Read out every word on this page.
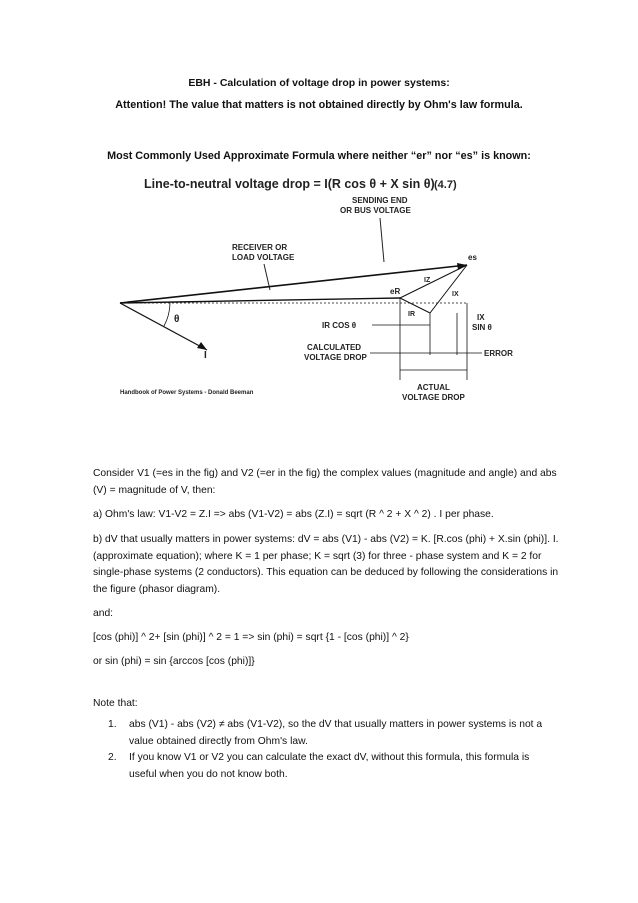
EBH - Calculation of voltage drop in power systems:
Attention! The value that matters is not obtained directly by Ohm's law formula.
Most Commonly Used Approximate Formula where neither “er” nor “es” is known:
Line-to-neutral voltage drop = I(R cos θ + X sin θ) (4.7)
SENDING END
OR BUS VOLTAGE
RECEIVER OR
LOAD VOLTAGE
θ
I
es
eR
IZ
IX
IR
IR COS θ
IX
SIN θ
CALCULATED
VOLTAGE DROP	ERROR
ACTUAL
VOLTAGE DROP
Handbook of Power Systems - Donald Beeman
Consider V1 (=es in the fig) and V2 (=er in the fig) the complex values (magnitude and angle) and abs (V) = magnitude of V, then:
a) Ohm's law: V1-V2 = Z.I => abs (V1-V2) = abs (Z.I) = sqrt (R ^ 2 + X ^ 2) . I per phase.
b) dV that usually matters in power systems: dV = abs (V1) - abs (V2) = K. [R.cos (phi) + X.sin (phi)]. I. (approximate equation); where K = 1 per phase; K = sqrt (3) for three - phase system and K = 2 for single-phase systems (2 conductors). This equation can be deduced by following the considerations in the figure (phasor diagram).
and:
[cos (phi)] ^ 2+ [sin (phi)] ^ 2 = 1 => sin (phi) = sqrt {1 - [cos (phi)] ^ 2}
or sin (phi) = sin {arccos [cos (phi)]}
Note that:
1. abs (V1) - abs (V2) ≠ abs (V1-V2), so the dV that usually matters in power systems is not a value obtained directly from Ohm's law.
2. If you know V1 or V2 you can calculate the exact dV, without this formula, this formula is useful when you do not know both.
